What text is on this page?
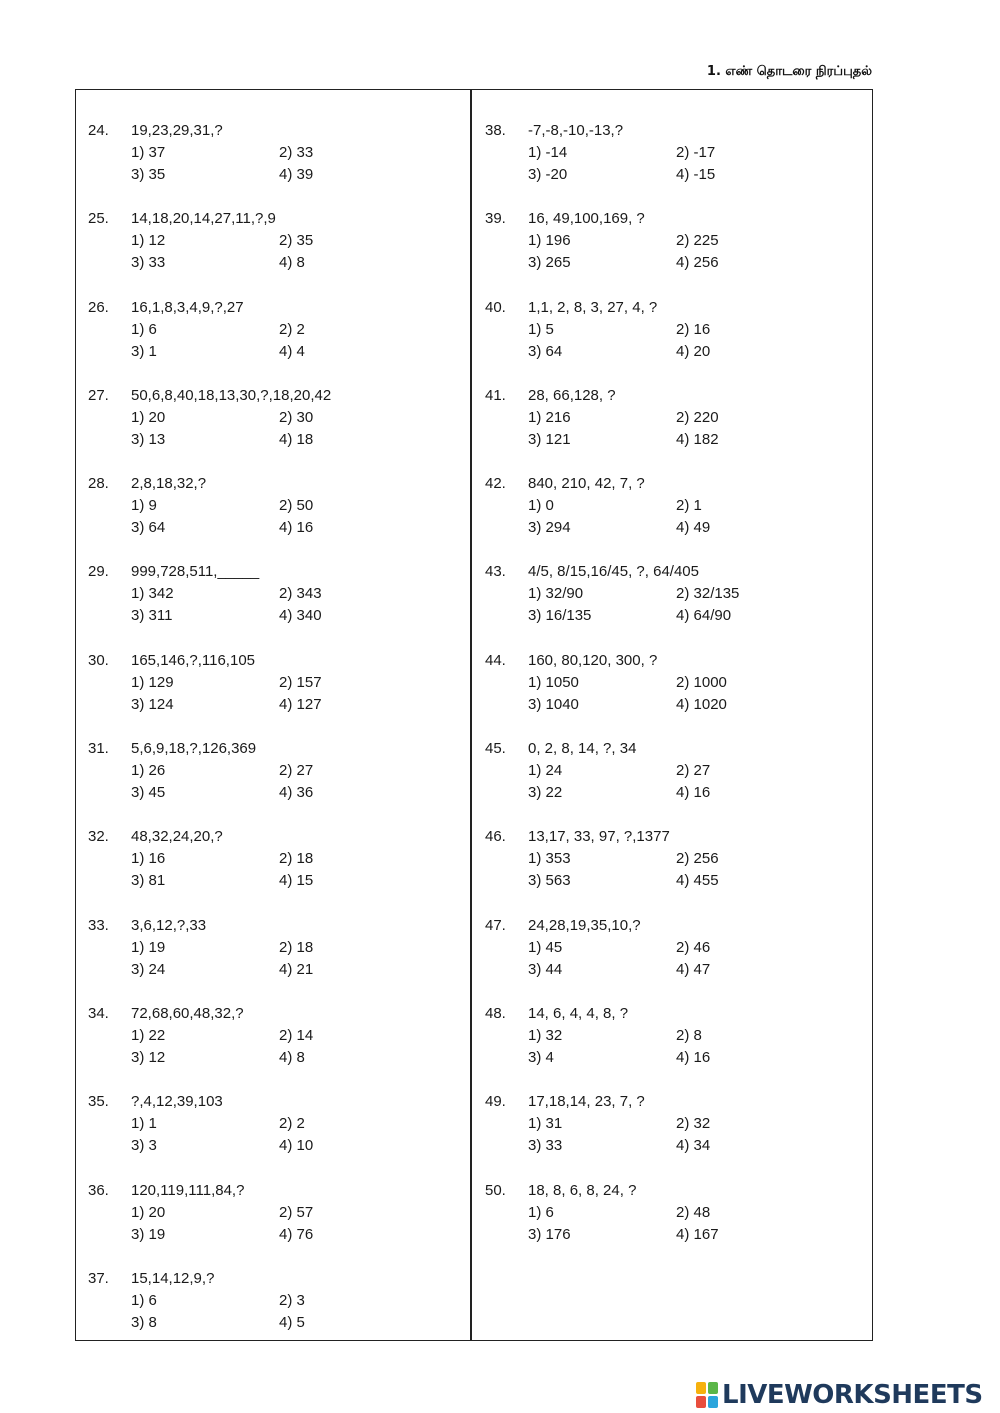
1. எண் தொடரை நிரப்புதல்
24.	19,23,29,31,?
1) 37	2) 33
3) 35	4) 39
25.	14,18,20,14,27,11,?,9
1) 12	2) 35
3) 33	4) 8
26.	16,1,8,3,4,9,?,27
1) 6	2) 2
3) 1	4) 4
27.	50,6,8,40,18,13,30,?,18,20,42
1) 20	2) 30
3) 13	4) 18
28.	2,8,18,32,?
1) 9	2) 50
3) 64	4) 16
29.	999,728,511,_____
1) 342	2) 343
3) 311	4) 340
30.	165,146,?,116,105
1) 129	2) 157
3) 124	4) 127
31.	5,6,9,18,?,126,369
1) 26	2) 27
3) 45	4) 36
32.	48,32,24,20,?
1) 16	2) 18
3) 81	4) 15
33.	3,6,12,?,33
1) 19	2) 18
3) 24	4) 21
34.	72,68,60,48,32,?
1) 22	2) 14
3) 12	4) 8
35.	?,4,12,39,103
1) 1	2) 2
3) 3	4) 10
36.	120,119,111,84,?
1) 20	2) 57
3) 19	4) 76
37.	15,14,12,9,?
1) 6	2) 3
3) 8	4) 5
38.	-7,-8,-10,-13,?
1) -14	2) -17
3) -20	4) -15
39.	16, 49,100,169, ?
1) 196	2) 225
3) 265	4) 256
40.	1,1, 2, 8, 3, 27, 4, ?
1) 5	2) 16
3) 64	4) 20
41.	28, 66,128, ?
1) 216	2) 220
3) 121	4) 182
42.	840, 210, 42, 7, ?
1) 0	2) 1
3) 294	4) 49
43.	4/5, 8/15,16/45, ?, 64/405
1) 32/90	2) 32/135
3) 16/135	4) 64/90
44.	160, 80,120, 300, ?
1) 1050	2) 1000
3) 1040	4) 1020
45.	0, 2, 8, 14, ?, 34
1) 24	2) 27
3) 22	4) 16
46.	13,17, 33, 97, ?,1377
1) 353	2) 256
3) 563	4) 455
47.	24,28,19,35,10,?
1) 45	2) 46
3) 44	4) 47
48.	14, 6, 4, 4, 8, ?
1) 32	2) 8
3) 4	4) 16
49.	17,18,14, 23, 7, ?
1) 31	2) 32
3) 33	4) 34
50.	18, 8, 6, 8, 24, ?
1) 6	2) 48
3) 176	4) 167
LIVEWORKSHEETS
